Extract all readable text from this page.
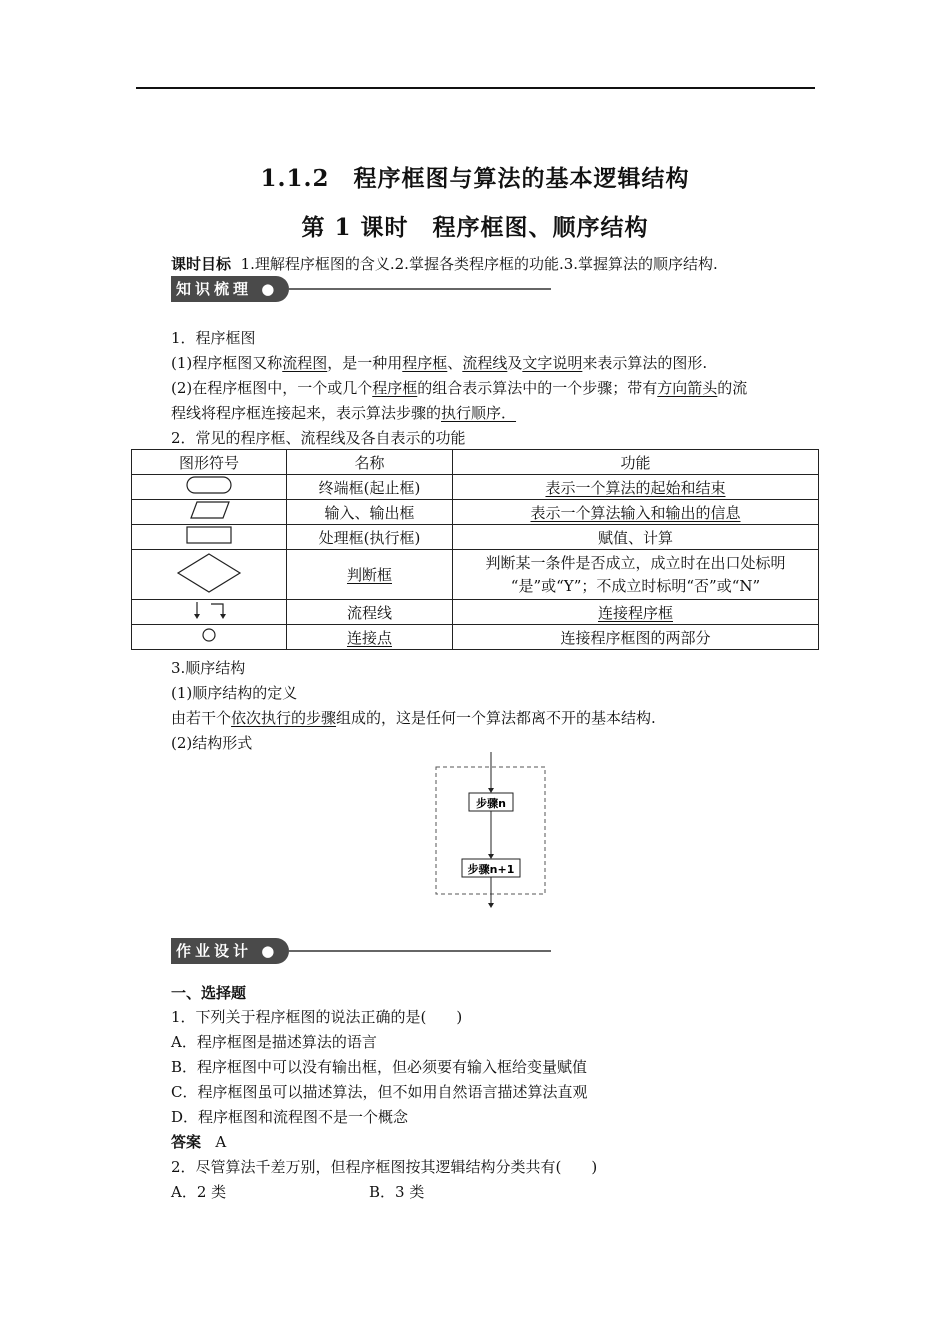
1.1.2　程序框图与算法的基本逻辑结构
第 1 课时　程序框图、顺序结构
课时目标 1.理解程序框图的含义.2.掌握各类程序框的功能.3.掌握算法的顺序结构.
知识梳理 ●
1．程序框图
(1)程序框图又称流程图，是一种用程序框、流程线及文字说明来表示算法的图形.
(2)在程序框图中，一个或几个程序框的组合表示算法中的一个步骤；带有方向箭头的流
程线将程序框连接起来，表示算法步骤的执行顺序．
2．常见的程序框、流程线及各自表示的功能
图形符号	名称	功能
	终端框(起止框)	表示一个算法的起始和结束
	输入、输出框	表示一个算法输入和输出的信息
	处理框(执行框)	赋值、计算
	判断框	判断某一条件是否成立，成立时在出口处标明
“是”或“Y”；不成立时标明“否”或“N”

	流程线	连接程序框
	连接点	连接程序框图的两部分
3.顺序结构
(1)顺序结构的定义
由若干个依次执行的步骤组成的，这是任何一个算法都离不开的基本结构.
(2)结构形式
步骤n
步骤n+1
作业设计 ●
一、选择题
1．下列关于程序框图的说法正确的是(　　)
A．程序框图是描述算法的语言
B．程序框图中可以没有输出框，但必须要有输入框给变量赋值
C．程序框图虽可以描述算法，但不如用自然语言描述算法直观
D．程序框图和流程图不是一个概念
答案 A
2．尽管算法千差万别，但程序框图按其逻辑结构分类共有(　　)
A．2 类	B．3 类
